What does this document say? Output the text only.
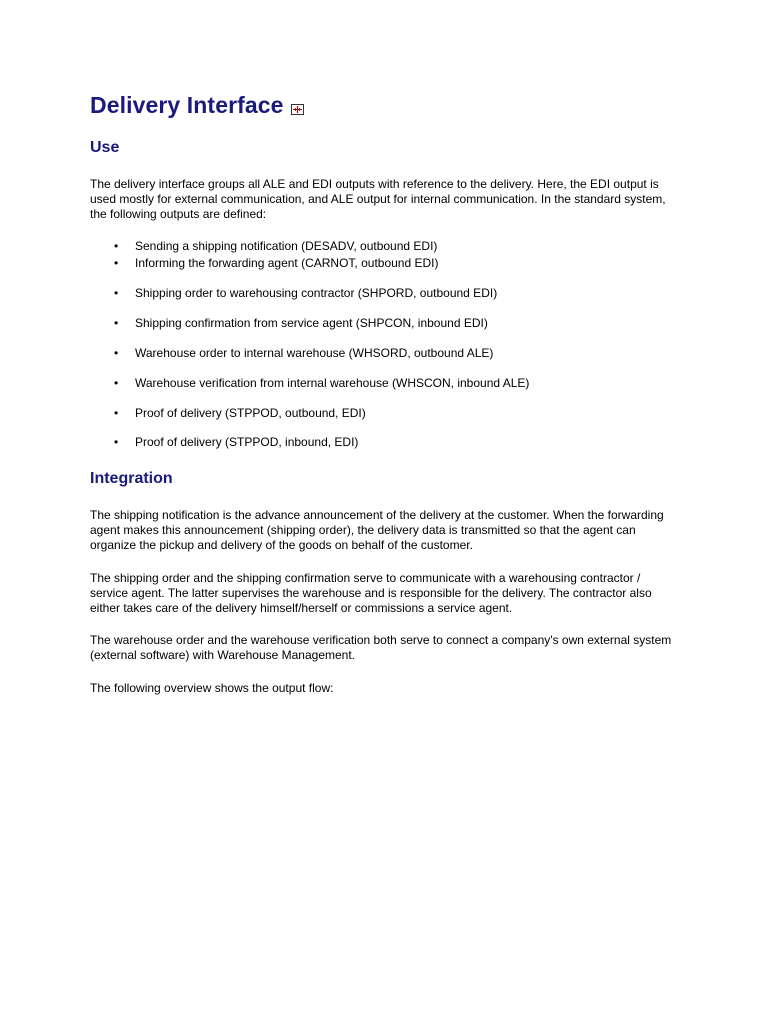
Delivery Interface
Use

The delivery interface groups all ALE and EDI outputs with reference to the delivery. Here, the EDI output is used mostly for external communication, and ALE output for internal communication. In the standard system, the following outputs are defined:

• Sending a shipping notification (DESADV, outbound EDI)
• Informing the forwarding agent (CARNOT, outbound EDI)
• Shipping order to warehousing contractor (SHPORD, outbound EDI)
• Shipping confirmation from service agent (SHPCON, inbound EDI)
• Warehouse order to internal warehouse (WHSORD, outbound ALE)
• Warehouse verification from internal warehouse (WHSCON, inbound ALE)
• Proof of delivery (STPPOD, outbound, EDI)
• Proof of delivery (STPPOD, inbound, EDI)
Integration

The shipping notification is the advance announcement of the delivery at the customer. When the forwarding agent makes this announcement (shipping order), the delivery data is transmitted so that the agent can organize the pickup and delivery of the goods on behalf of the customer.

The shipping order and the shipping confirmation serve to communicate with a warehousing contractor / service agent. The latter supervises the warehouse and is responsible for the delivery. The contractor also either takes care of the delivery himself/herself or commissions a service agent.

The warehouse order and the warehouse verification both serve to connect a company's own external system (external software) with Warehouse Management.

The following overview shows the output flow:
